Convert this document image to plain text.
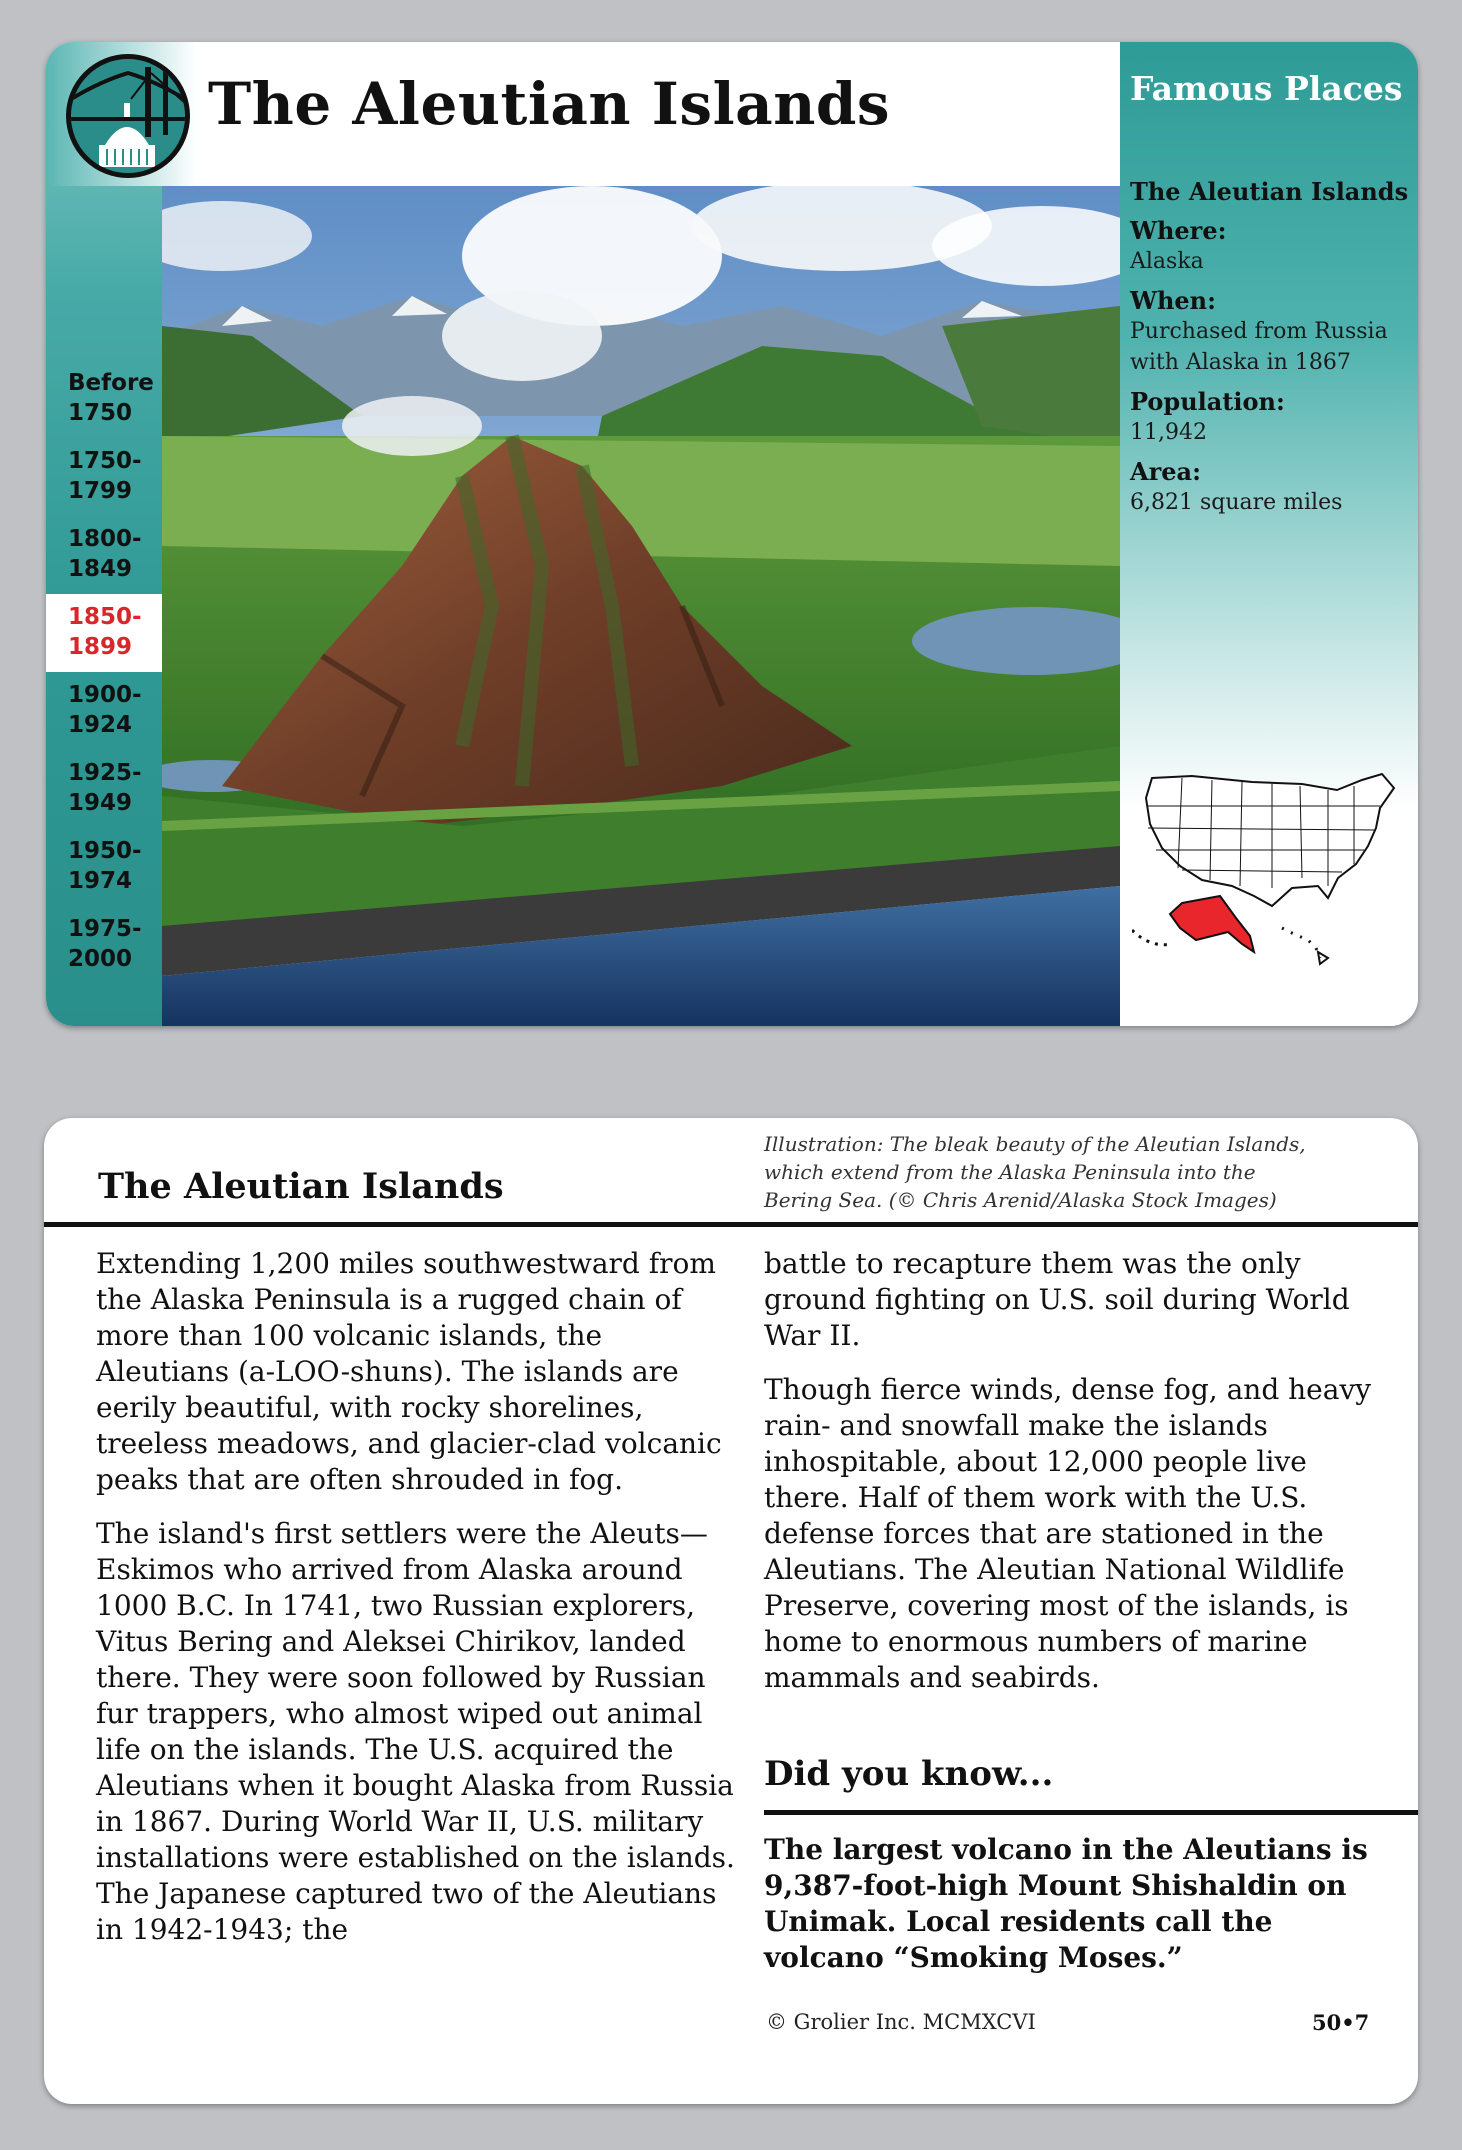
The Aleutian Islands
Before
1750
1750-
1799
1800-
1849
1850-
1899
1900-
1924
1925-
1949
1950-
1974
1975-
2000
Famous Places
The Aleutian Islands
Where:
Alaska
When:
Purchased from Russia with Alaska in 1867
Population:
11,942
Area:
6,821 square miles
The Aleutian Islands
Illustration: The bleak beauty of the Aleutian Islands, which extend from the Alaska Peninsula into the Bering Sea. (© Chris Arenid/Alaska Stock Images)

Extending 1,200 miles southwestward from the Alaska Peninsula is a rugged chain of more than 100 volcanic islands, the Aleutians (a-LOO-shuns). The islands are eerily beautiful, with rocky shorelines, treeless meadows, and glacier-clad volcanic peaks that are often shrouded in fog.

The island's first settlers were the Aleuts—Eskimos who arrived from Alaska around 1000 B.C. In 1741, two Russian explorers, Vitus Bering and Aleksei Chirikov, landed there. They were soon followed by Russian fur trappers, who almost wiped out animal life on the islands. The U.S. acquired the Aleutians when it bought Alaska from Russia in 1867. During World War II, U.S. military installations were established on the islands. The Japanese captured two of the Aleutians in 1942-1943; the

battle to recapture them was the only ground fighting on U.S. soil during World War II.

Though fierce winds, dense fog, and heavy rain- and snowfall make the islands inhospitable, about 12,000 people live there. Half of them work with the U.S. defense forces that are stationed in the Aleutians. The Aleutian National Wildlife Preserve, covering most of the islands, is home to enormous numbers of marine mammals and seabirds.

Did you know...
The largest volcano in the Aleutians is 9,387-foot-high Mount Shishaldin on Unimak. Local residents call the volcano “Smoking Moses.”
© Grolier Inc. MCMXCVI	50•7
